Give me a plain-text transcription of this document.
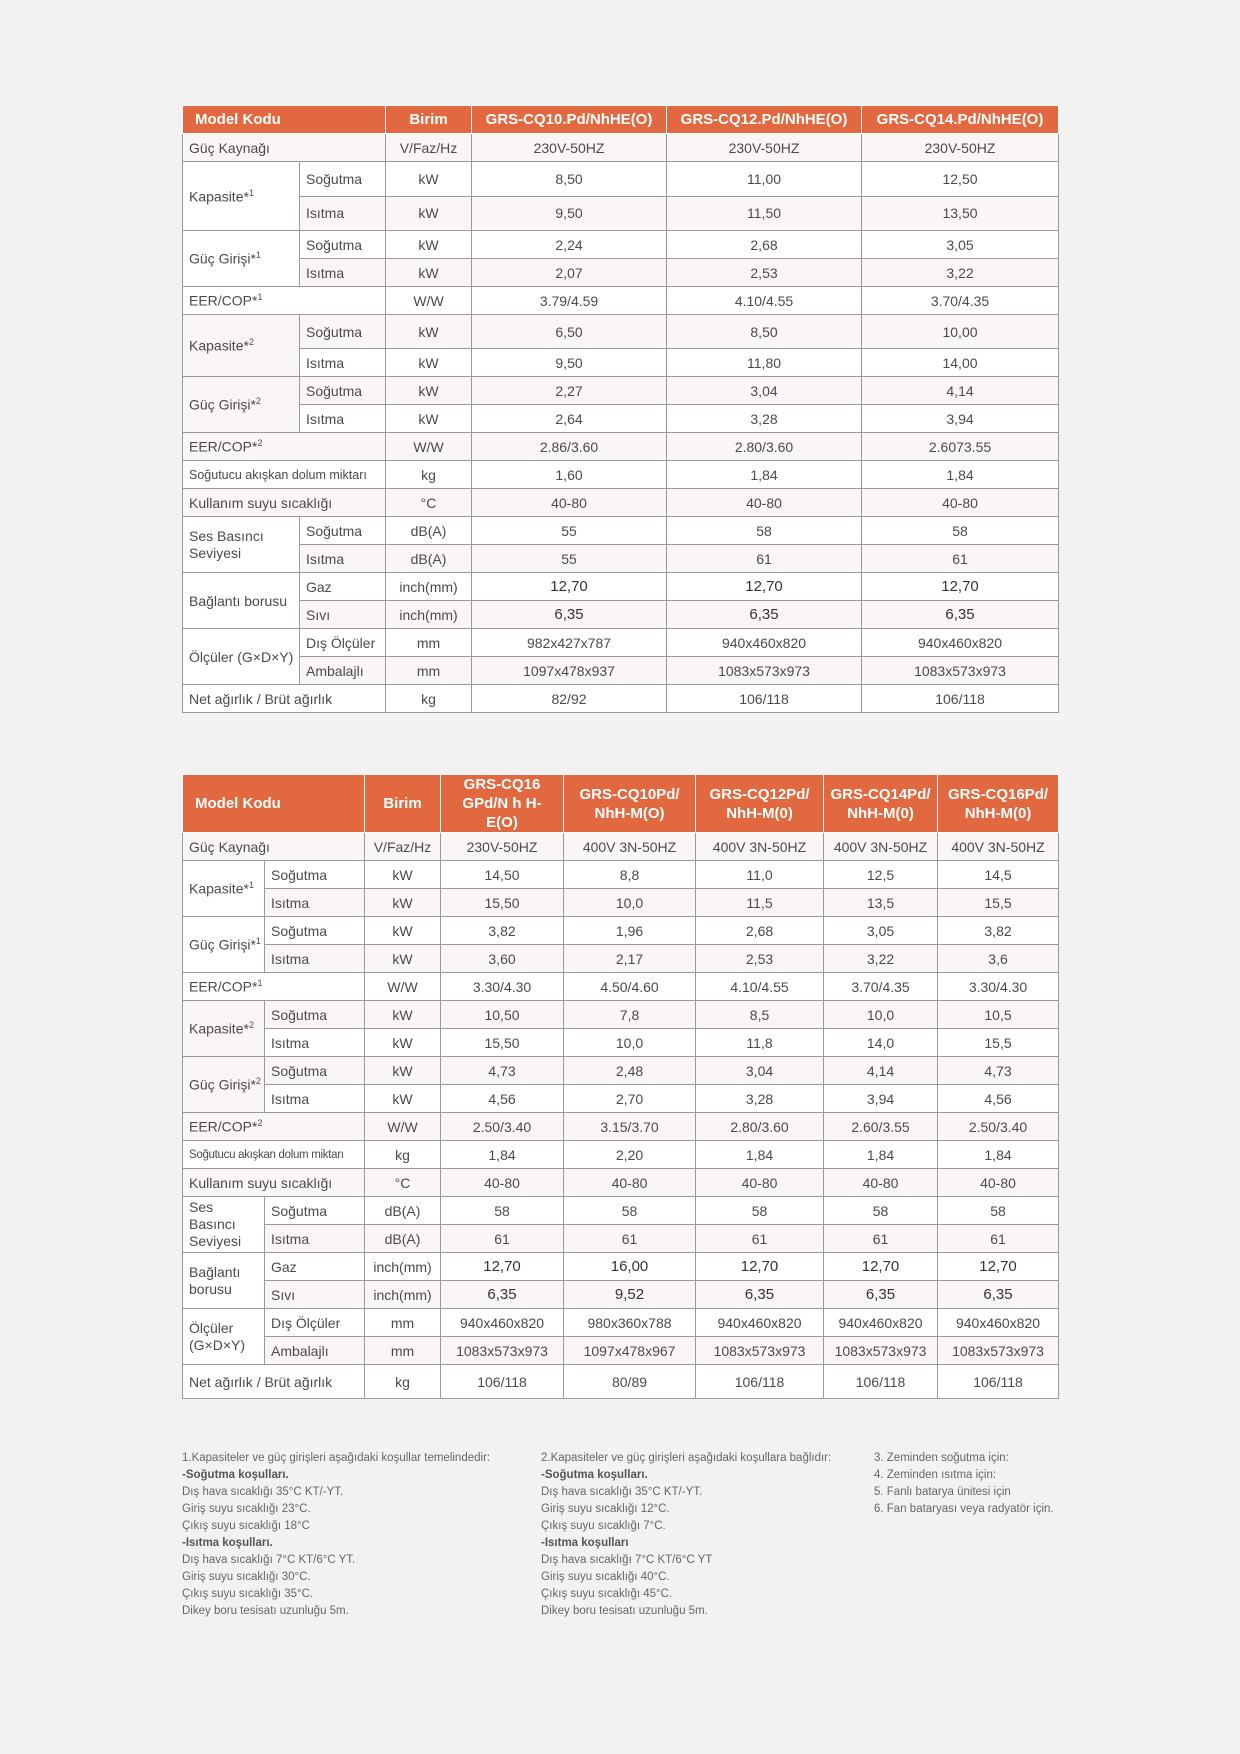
Model Kodu		Birim	GRS-CQ10.Pd/NhHE(O)	GRS-CQ12.Pd/NhHE(O)	GRS-CQ14.Pd/NhHE(O)
Güç Kaynağı		V/Faz/Hz	230V-50HZ	230V-50HZ	230V-50HZ
Kapasite*$^1$	Soğutma	kW	8,50	11,00	12,50
	Isıtma	kW	9,50	11,50	13,50
Güç Girişi*$^1$	Soğutma	kW	2,24	2,68	3,05
	Isıtma	kW	2,07	2,53	3,22
EER/COP*$^1$		W/W	3.79/4.59	4.10/4.55	3.70/4.35
Kapasite*$^2$	Soğutma	kW	6,50	8,50	10,00
	Isıtma	kW	9,50	11,80	14,00
Güç Girişi*$^2$	Soğutma	kW	2,27	3,04	4,14
	Isıtma	kW	2,64	3,28	3,94
EER/COP*$^2$		W/W	2.86/3.60	2.80/3.60	2.6073.55
Soğutucu akışkan dolum miktarı		kg	1,60	1,84	1,84
Kullanım suyu sıcaklığı		°C	40-80	40-80	40-80
Ses Basıncı Seviyesi	Soğutma	dB(A)	55	58	58
	Isıtma	dB(A)	55	61	61
Bağlantı borusu	Gaz	inch(mm)	12,70	12,70	12,70
	Sıvı	inch(mm)	6,35	6,35	6,35
Ölçüler (G×D×Y)	Dış Ölçüler	mm	982x427x787	940x460x820	940x460x820
	Ambalajlı	mm	1097x478x937	1083x573x973	1083x573x973
Net ağırlık / Brüt ağırlık		kg	82/92	106/118	106/118
Model Kodu		Birim	GRS-CQ16 GPd/N h H-E(O)	GRS-CQ10Pd/ NhH-M(O)	GRS-CQ12Pd/ NhH-M(0)	GRS-CQ14Pd/ NhH-M(0)	GRS-CQ16Pd/ NhH-M(0)
Güç Kaynağı		V/Faz/Hz	230V-50HZ	400V 3N-50HZ	400V 3N-50HZ	400V 3N-50HZ	400V 3N-50HZ
Kapasite*$^1$	Soğutma	kW	14,50	8,8	11,0	12,5	14,5
	Isıtma	kW	15,50	10,0	11,5	13,5	15,5
Güç Girişi*$^1$	Soğutma	kW	3,82	1,96	2,68	3,05	3,82
	Isıtma	kW	3,60	2,17	2,53	3,22	3,6
EER/COP*$^1$		W/W	3.30/4.30	4.50/4.60	4.10/4.55	3.70/4.35	3.30/4.30
Kapasite*$^2$	Soğutma	kW	10,50	7,8	8,5	10,0	10,5
	Isıtma	kW	15,50	10,0	11,8	14,0	15,5
Güç Girişi*$^2$	Soğutma	kW	4,73	2,48	3,04	4,14	4,73
	Isıtma	kW	4,56	2,70	3,28	3,94	4,56
EER/COP*$^2$		W/W	2.50/3.40	3.15/3.70	2.80/3.60	2.60/3.55	2.50/3.40
Soğutucu akışkan dolum miktarı		kg	1,84	2,20	1,84	1,84	1,84
Kullanım suyu sıcaklığı		°C	40-80	40-80	40-80	40-80	40-80
Ses Basıncı Seviyesi	Soğutma	dB(A)	58	58	58	58	58
	Isıtma	dB(A)	61	61	61	61	61
Bağlantı borusu	Gaz	inch(mm)	12,70	16,00	12,70	12,70	12,70
	Sıvı	inch(mm)	6,35	9,52	6,35	6,35	6,35
Ölçüler (G×D×Y)	Dış Ölçüler	mm	940x460x820	980x360x788	940x460x820	940x460x820	940x460x820
	Ambalajlı	mm	1083x573x973	1097x478x967	1083x573x973	1083x573x973	1083x573x973
Net ağırlık / Brüt ağırlık		kg	106/118	80/89	106/118	106/118	106/118
1.Kapasiteler ve güç girişleri aşağıdaki koşullar temelindedir:
-Soğutma koşulları.
Dış hava sıcaklığı 35°C KT/-YT.
Giriş suyu sıcaklığı 23°C.
Çıkış suyu sıcaklığı 18°C
-Isıtma koşulları.
Dış hava sıcaklığı 7°C KT/6°C YT.
Giriş suyu sıcaklığı 30°C.
Çıkış suyu sıcaklığı 35°C.
Dikey boru tesisatı uzunluğu 5m.
2.Kapasiteler ve güç girişleri aşağıdaki koşullara bağlıdır:
-Soğutma koşulları.
Dış hava sıcaklığı 35°C KT/-YT.
Giriş suyu sıcaklığı 12°C.
Çıkış suyu sıcaklığı 7°C.
-Isıtma koşulları
Dış hava sıcaklığı 7°C KT/6°C YT
Giriş suyu sıcaklığı 40°C.
Çıkış suyu sıcaklığı 45°C.
Dikey boru tesisatı uzunluğu 5m.
3. Zeminden soğutma için:
4. Zeminden ısıtma için:
5. Fanlı batarya ünitesi için
6. Fan bataryası veya radyatör için.
